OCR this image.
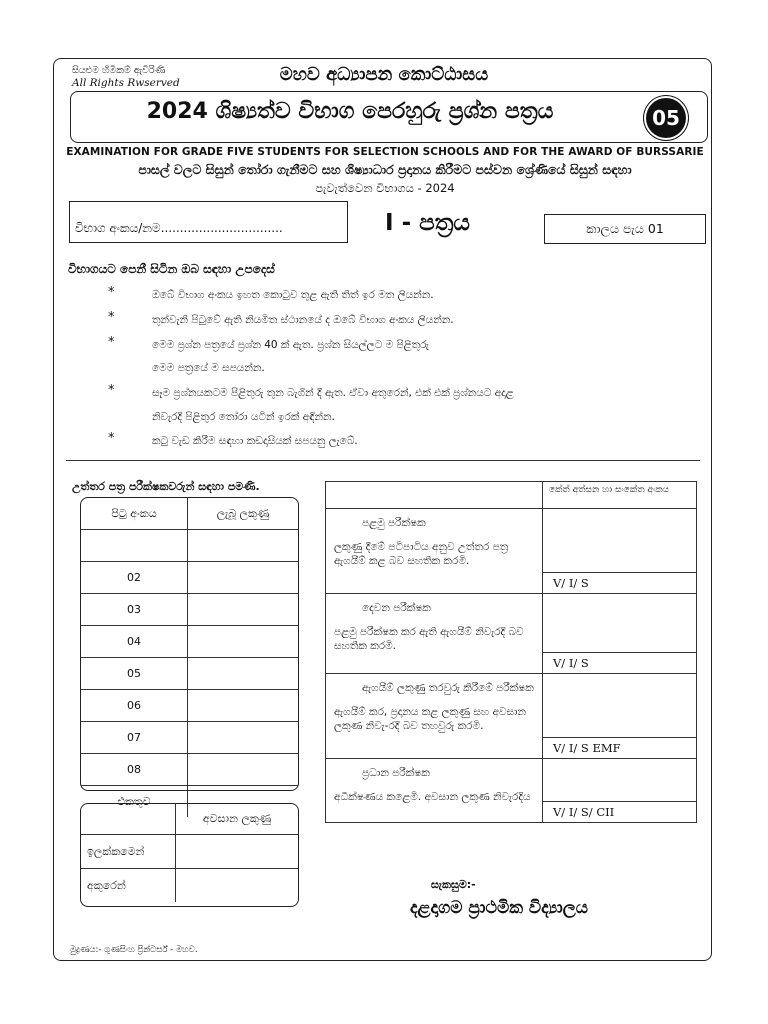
සියළුම හිමිකම් ඇවිරිණි
All Rights Rwserved	මහව අධ්‍යාපන කොට්ඨාසය
2024 ශිෂ්‍යත්ව විභාග පෙරහුරු ප්‍රශ්න පත්‍රය	05
EXAMINATION FOR GRADE FIVE STUDENTS FOR SELECTION SCHOOLS AND FOR THE AWARD OF BURSSARIE
පාසල් වලට සිසුන් තෝරා ගැනීමට සහ ශිෂ්‍යාධාර ප්‍රදානය කිරීමට පස්වන ශ්‍රේණියේ සිසුන් සඳහා
පැවැත්වෙන විභාගය - 2024
විභාග අංකය/නම................................	I - පත්‍රය	කාලය පැය 01
විභාගයට පෙනී සිටින ඔබ සඳහා උපදෙස්
*	ඔබේ විභාග අංකය ඉහත කොටුව තුළ ඇති තිත් ඉර මත ලියන්න.
*	තුන්වැනි පිටුවේ ඇති නියමිත ස්ථානයේ ද ඔබේ විභාග අංකය ලියන්න.
*	මෙම ප්‍රශ්න පත්‍රයේ ප්‍රශ්න 40 ක් ඇත. ප්‍රශ්න සියල්ලට ම පිළිතුරු
මෙම පත්‍රයේ ම සපයන්න.
*	සෑම ප්‍රශ්නයකටම පිළිතුරු තුන බැගින් දී ඇත. ඒවා අතුරෙන්, එක් එක් ප්‍රශ්නයට අදාළ
නිවැරදි පිළිතුර තෝරා යටින් ඉරක් අඳින්න.
*	කටු වැඩ කිරීම සඳහා කඩදාසියක් සපයනු ලැබේ.
උත්තර පත්‍ර පරීක්ෂකවරුන් සඳහා පමණි.
පිටු අංකය	ලැබූ ලකුණු

02	
03	
04	
05	
06	
07	
08	
එකතුව	
	අවසාන ලකුණු
ඉලක්කමෙන්	
අකුරෙන්	
	කේත් අත්සන හා සංකේත අංකය

පළමු පරීක්ෂක
ලකුණු දීමේ පටිපාටිය අනුව උත්තර පත්‍ර ඇගයීම් කළ බව සහතික කරමි.	

	V/ I/ S

දෙවන පරීක්ෂක
පළමු පරීක්ෂක කර ඇති ඇගයීම් නිවැරදි බව සහතික කරමි.	

	V/ I/ S

ඇගයීම් ලකුණු තරවුරු කිරීමේ පරීක්ෂක
ඇගයීම් කර, ප්‍රදානය කළ ලකුණු සහ අවසාන ලකුණ නිවැ-රදි බව තහවුරු කරමි.	

	V/ I/ S EMF

ප්‍රධාන පරීක්ෂක
අධීක්ෂණය කළෙමි. අවසාන ලකුණ නිවැරදිය	

	V/ I/ S/ CII
සැකසුම:-
දළදාගම ප්‍රාථමික විද්‍යාලය
මුද්‍රණය:- ගුණසිංහ ප්‍රින්ටර්ස් - මහව.
